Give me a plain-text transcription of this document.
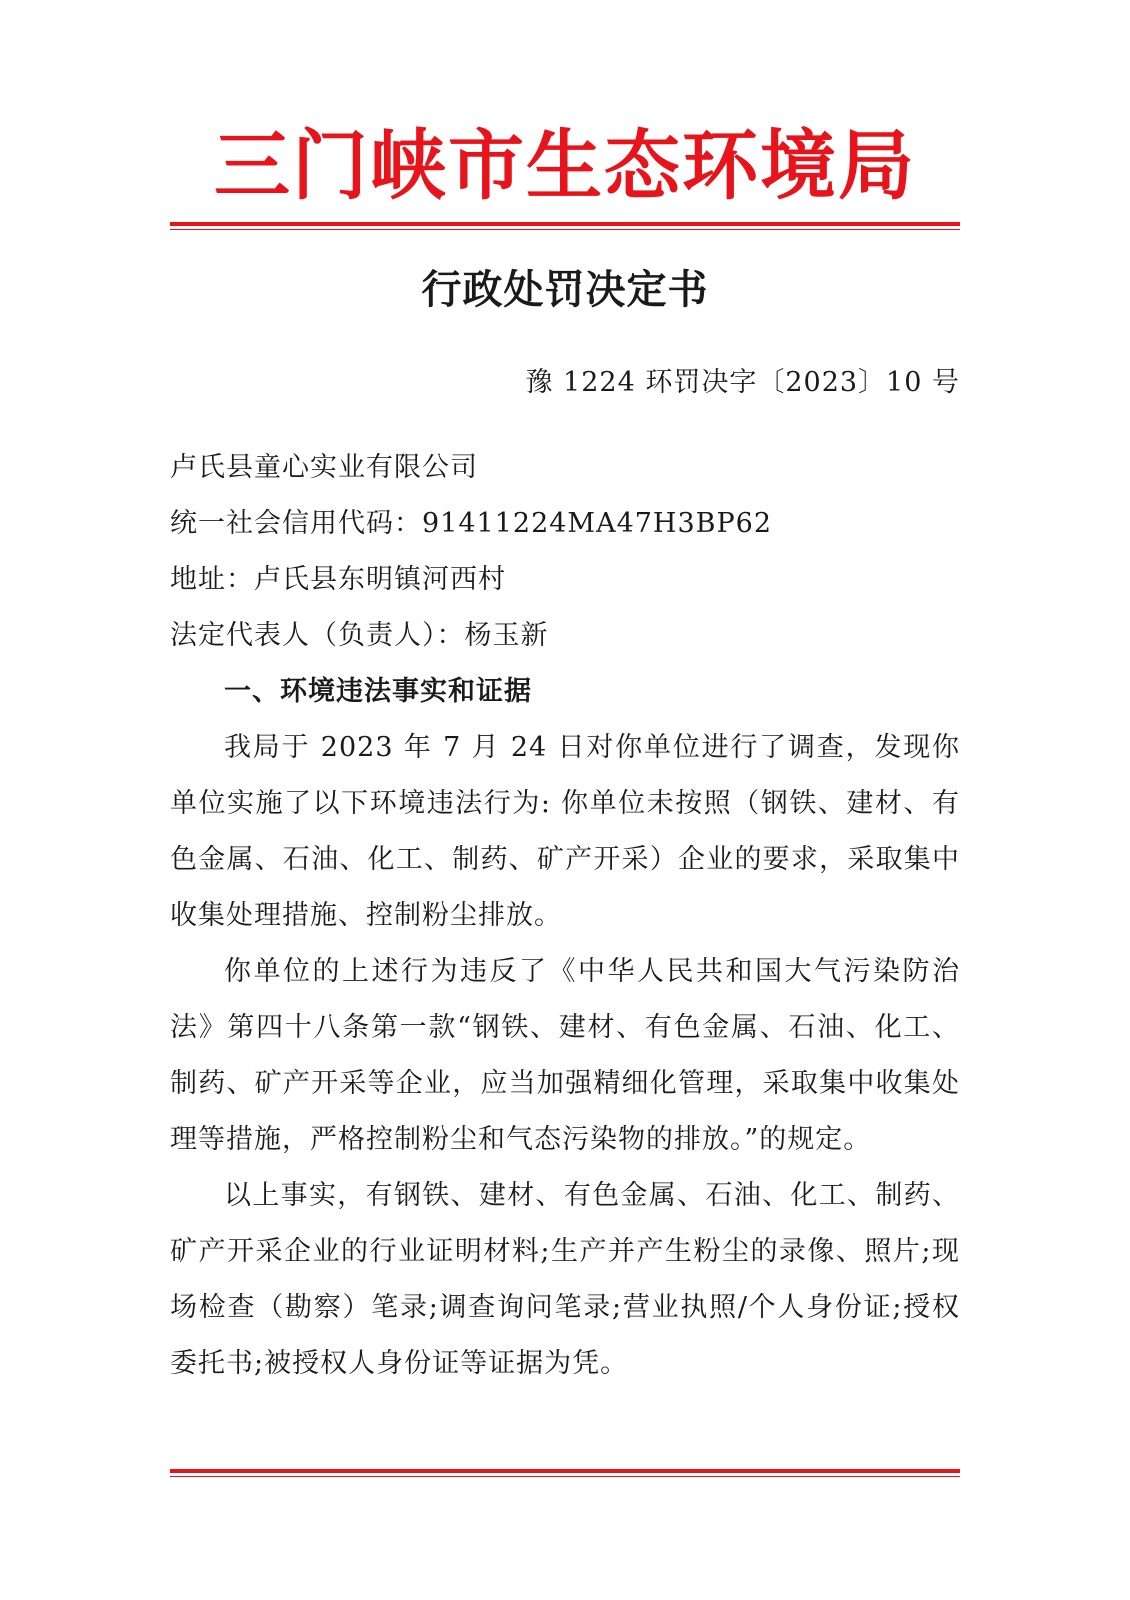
三门峡市生态环境局
行政处罚决定书
豫 1224 环罚决字〔2023〕10 号

卢氏县童心实业有限公司

统一社会信用代码：91411224MA47H3BP62

地址：卢氏县东明镇河西村

法定代表人（负责人）：杨玉新

一、环境违法事实和证据

我局于 2023 年 7 月 24 日对你单位进行了调查，发现你单位实施了以下环境违法行为: 你单位未按照（钢铁、建材、有色金属、石油、化工、制药、矿产开采）企业的要求，采取集中收集处理措施、控制粉尘排放。

你单位的上述行为违反了《中华人民共和国大气污染防治法》第四十八条第一款“钢铁、建材、有色金属、石油、化工、制药、矿产开采等企业，应当加强精细化管理，采取集中收集处理等措施，严格控制粉尘和气态污染物的排放。”的规定。

以上事实，有钢铁、建材、有色金属、石油、化工、制药、矿产开采企业的行业证明材料;生产并产生粉尘的录像、照片;现场检查（勘察）笔录;调查询问笔录;营业执照/个人身份证;授权委托书;被授权人身份证等证据为凭。
